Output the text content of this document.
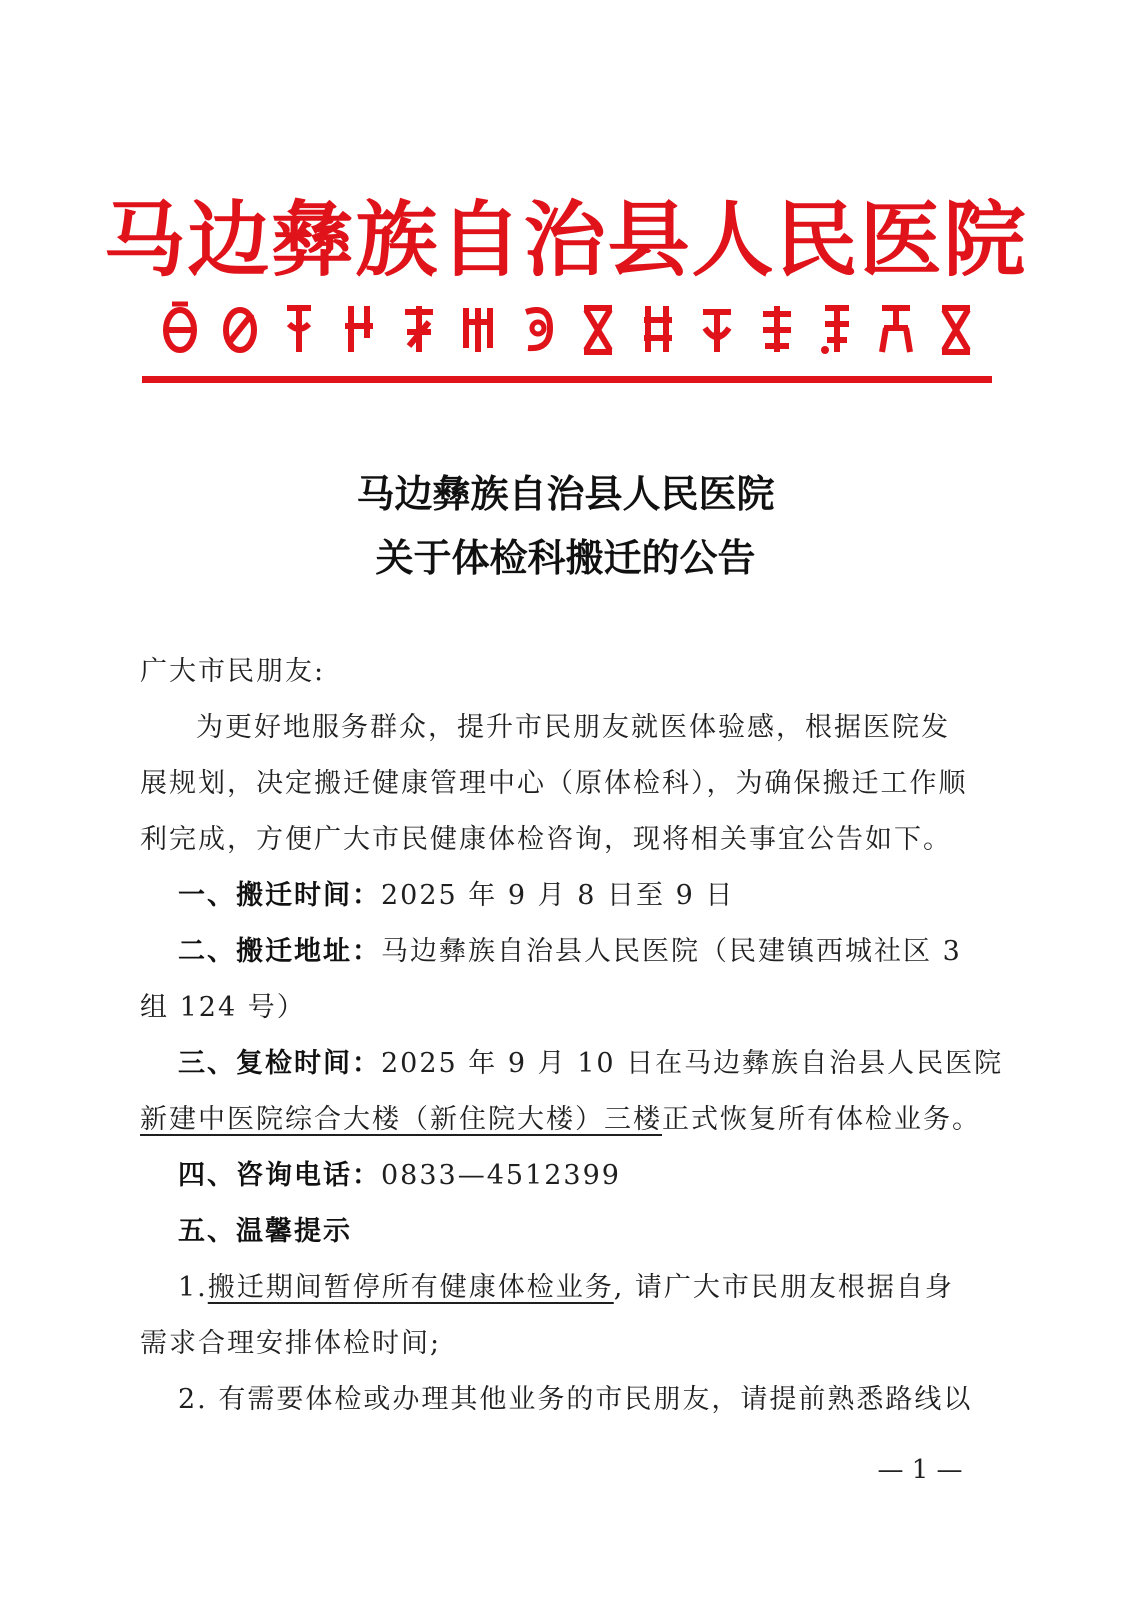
马边彝族自治县人民医院
马边彝族自治县人民医院
关于体检科搬迁的公告
广大市民朋友:
为更好地服务群众，提升市民朋友就医体验感，根据医院发
展规划，决定搬迁健康管理中心（原体检科），为确保搬迁工作顺
利完成，方便广大市民健康体检咨询，现将相关事宜公告如下。
一、搬迁时间：2025 年 9 月 8 日至 9 日
二、搬迁地址：马边彝族自治县人民医院（民建镇西城社区 3
组 124 号）
三、复检时间：2025 年 9 月 10 日在马边彝族自治县人民医院
新建中医院综合大楼（新住院大楼）三楼正式恢复所有体检业务。
四、咨询电话：0833—4512399
五、温馨提示
1.搬迁期间暂停所有健康体检业务, 请广大市民朋友根据自身
需求合理安排体检时间;
2. 有需要体检或办理其他业务的市民朋友，请提前熟悉路线以
— 1 —
